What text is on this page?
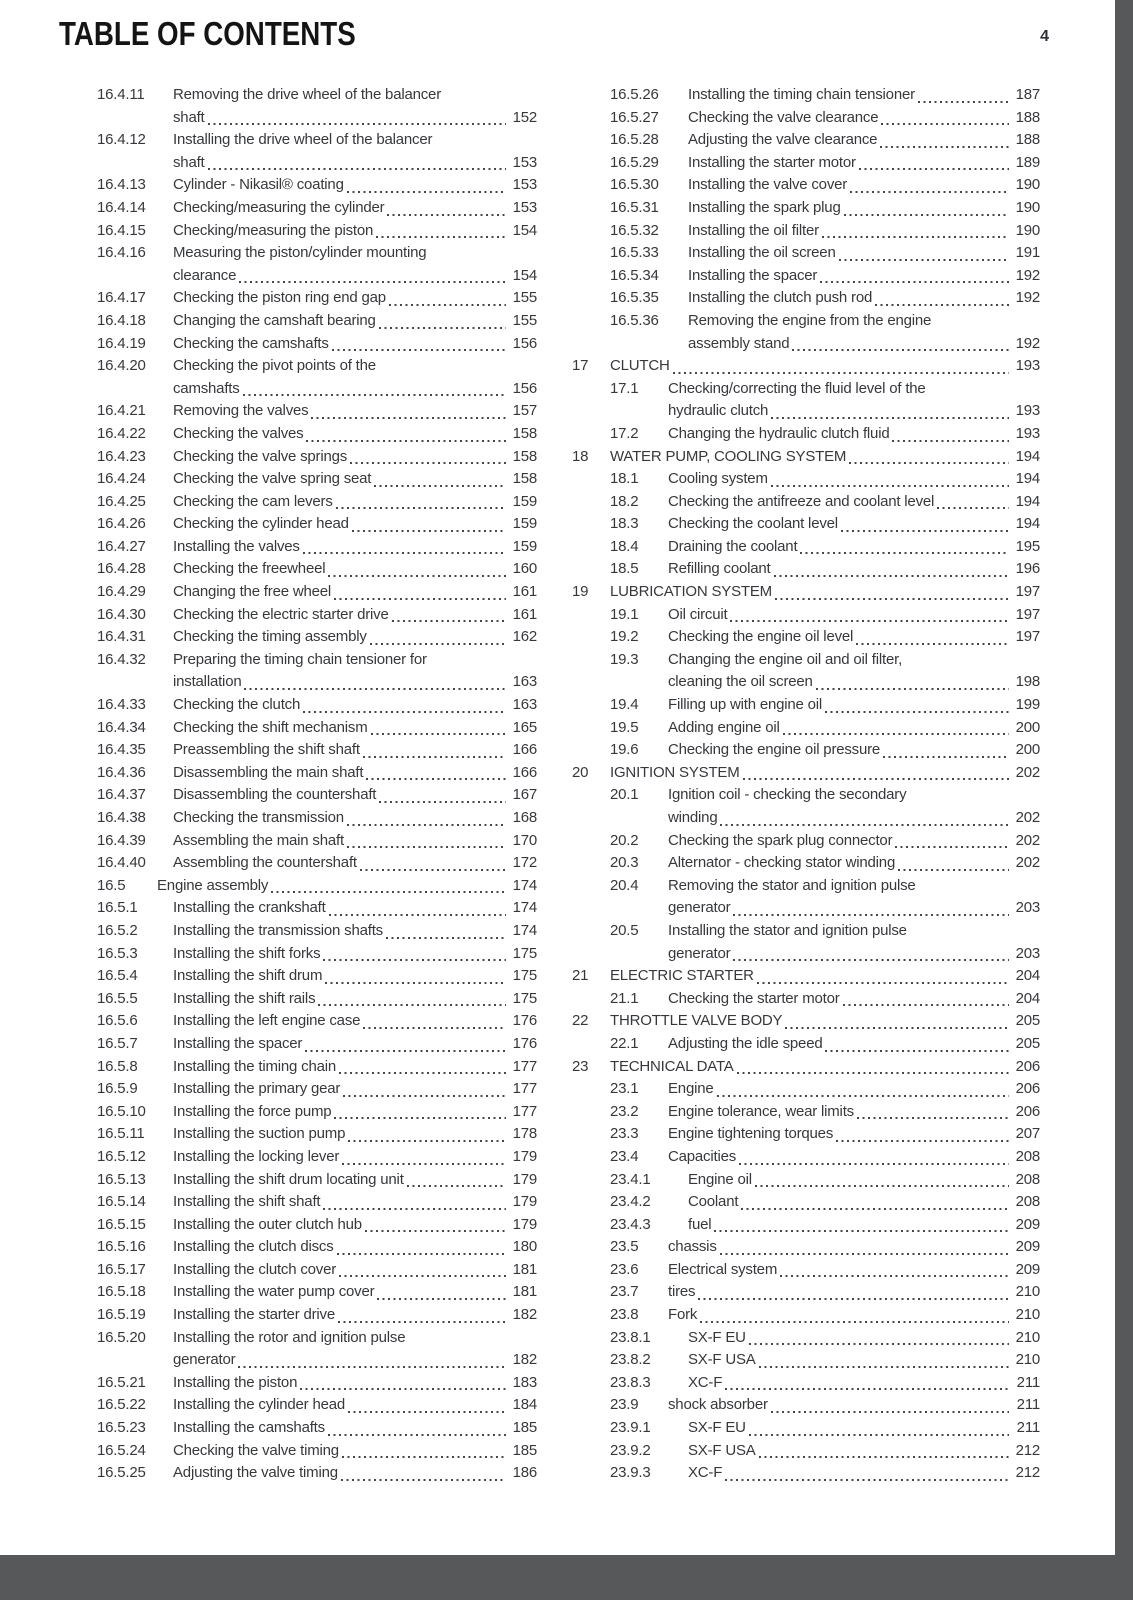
TABLE OF CONTENTS	4
16.4.11	Removing the drive wheel of the balancer
shaft	152
16.4.12	Installing the drive wheel of the balancer
shaft	153
16.4.13	Cylinder - Nikasil® coating	153
16.4.14	Checking/measuring the cylinder	153
16.4.15	Checking/measuring the piston	154
16.4.16	Measuring the piston/cylinder mounting
clearance	154
16.4.17	Checking the piston ring end gap	155
16.4.18	Changing the camshaft bearing	155
16.4.19	Checking the camshafts	156
16.4.20	Checking the pivot points of the
camshafts	156
16.4.21	Removing the valves	157
16.4.22	Checking the valves	158
16.4.23	Checking the valve springs	158
16.4.24	Checking the valve spring seat	158
16.4.25	Checking the cam levers	159
16.4.26	Checking the cylinder head	159
16.4.27	Installing the valves	159
16.4.28	Checking the freewheel	160
16.4.29	Changing the free wheel	161
16.4.30	Checking the electric starter drive	161
16.4.31	Checking the timing assembly	162
16.4.32	Preparing the timing chain tensioner for
installation	163
16.4.33	Checking the clutch	163
16.4.34	Checking the shift mechanism	165
16.4.35	Preassembling the shift shaft	166
16.4.36	Disassembling the main shaft	166
16.4.37	Disassembling the countershaft	167
16.4.38	Checking the transmission	168
16.4.39	Assembling the main shaft	170
16.4.40	Assembling the countershaft	172
16.5	Engine assembly	174
16.5.1	Installing the crankshaft	174
16.5.2	Installing the transmission shafts	174
16.5.3	Installing the shift forks	175
16.5.4	Installing the shift drum	175
16.5.5	Installing the shift rails	175
16.5.6	Installing the left engine case	176
16.5.7	Installing the spacer	176
16.5.8	Installing the timing chain	177
16.5.9	Installing the primary gear	177
16.5.10	Installing the force pump	177
16.5.11	Installing the suction pump	178
16.5.12	Installing the locking lever	179
16.5.13	Installing the shift drum locating unit	179
16.5.14	Installing the shift shaft	179
16.5.15	Installing the outer clutch hub	179
16.5.16	Installing the clutch discs	180
16.5.17	Installing the clutch cover	181
16.5.18	Installing the water pump cover	181
16.5.19	Installing the starter drive	182
16.5.20	Installing the rotor and ignition pulse
generator	182
16.5.21	Installing the piston	183
16.5.22	Installing the cylinder head	184
16.5.23	Installing the camshafts	185
16.5.24	Checking the valve timing	185
16.5.25	Adjusting the valve timing	186
16.5.26	Installing the timing chain tensioner	187
16.5.27	Checking the valve clearance	188
16.5.28	Adjusting the valve clearance	188
16.5.29	Installing the starter motor	189
16.5.30	Installing the valve cover	190
16.5.31	Installing the spark plug	190
16.5.32	Installing the oil filter	190
16.5.33	Installing the oil screen	191
16.5.34	Installing the spacer	192
16.5.35	Installing the clutch push rod	192
16.5.36	Removing the engine from the engine
assembly stand	192
17	CLUTCH	193
17.1	Checking/correcting the fluid level of the
hydraulic clutch	193
17.2	Changing the hydraulic clutch fluid	193
18	WATER PUMP, COOLING SYSTEM	194
18.1	Cooling system	194
18.2	Checking the antifreeze and coolant level	194
18.3	Checking the coolant level	194
18.4	Draining the coolant	195
18.5	Refilling coolant	196
19	LUBRICATION SYSTEM	197
19.1	Oil circuit	197
19.2	Checking the engine oil level	197
19.3	Changing the engine oil and oil filter,
cleaning the oil screen	198
19.4	Filling up with engine oil	199
19.5	Adding engine oil	200
19.6	Checking the engine oil pressure	200
20	IGNITION SYSTEM	202
20.1	Ignition coil - checking the secondary
winding	202
20.2	Checking the spark plug connector	202
20.3	Alternator - checking stator winding	202
20.4	Removing the stator and ignition pulse
generator	203
20.5	Installing the stator and ignition pulse
generator	203
21	ELECTRIC STARTER	204
21.1	Checking the starter motor	204
22	THROTTLE VALVE BODY	205
22.1	Adjusting the idle speed	205
23	TECHNICAL DATA	206
23.1	Engine	206
23.2	Engine tolerance, wear limits	206
23.3	Engine tightening torques	207
23.4	Capacities	208
23.4.1	Engine oil	208
23.4.2	Coolant	208
23.4.3	fuel	209
23.5	chassis	209
23.6	Electrical system	209
23.7	tires	210
23.8	Fork	210
23.8.1	SX-F EU	210
23.8.2	SX-F USA	210
23.8.3	XC-F	211
23.9	shock absorber	211
23.9.1	SX-F EU	211
23.9.2	SX-F USA	212
23.9.3	XC-F	212
